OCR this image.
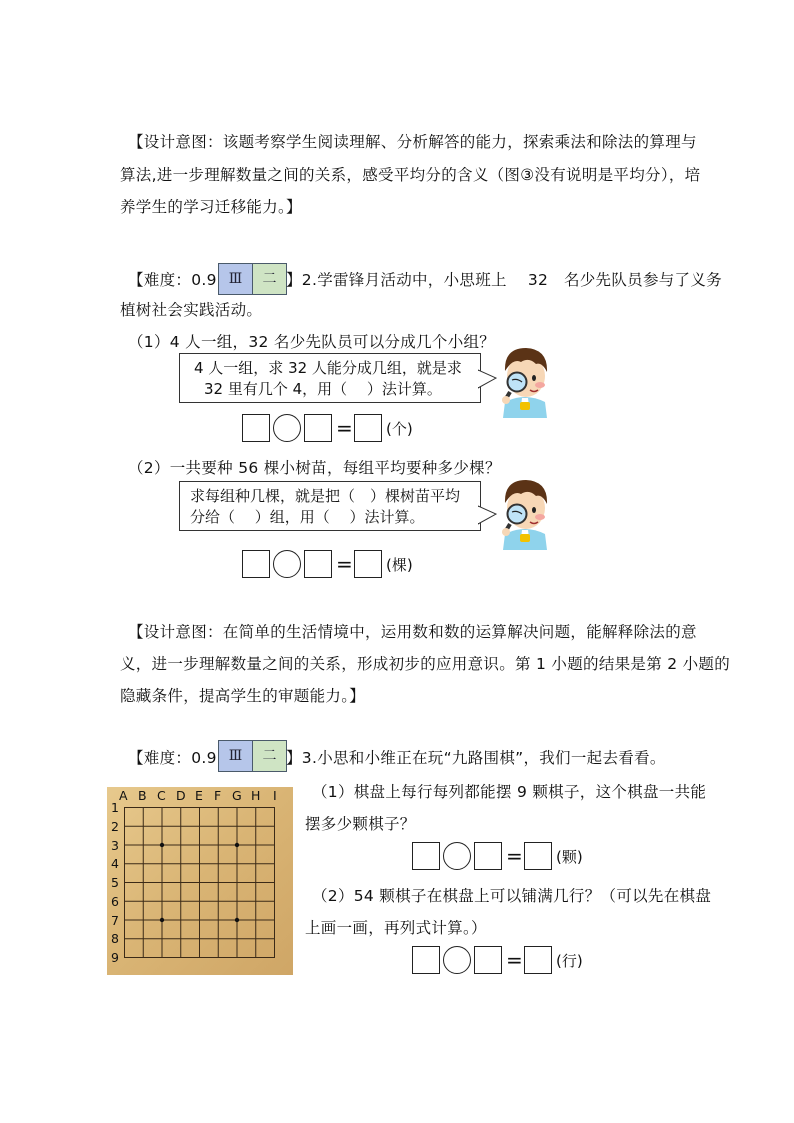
【设计意图：该题考察学生阅读理解、分析解答的能力，探索乘法和除法的算理与
算法,进一步理解数量之间的关系，感受平均分的含义（图③没有说明是平均分），培
养学生的学习迁移能力。】
【难度：0.9 Ⅲ	二 】2.学雷锋月活动中，小思班上　 32　名少先队员参与了义务
植树社会实践活动。
（1）4 人一组，32 名少先队员可以分成几个小组？
4 人一组，求 32 人能分成几组，就是求
32 里有几个 4，用（　 ）法计算。
= (个)
（2）一共要种 56 棵小树苗，每组平均要种多少棵？
求每组种几棵，就是把（　）棵树苗平均
分给（　 ）组，用（　 ）法计算。
= (棵)
【设计意图：在简单的生活情境中，运用数和数的运算解决问题，能解释除法的意
义，进一步理解数量之间的关系，形成初步的应用意识。第 1 小题的结果是第 2 小题的
隐藏条件，提高学生的审题能力。】
【难度：0.9 Ⅲ	二 】3.小思和小维正在玩“九路围棋”，我们一起去看看。
A B C D E F G H I
1
2
3
4
5
6
7
8
9
（1）棋盘上每行每列都能摆 9 颗棋子，这个棋盘一共能
摆多少颗棋子？
= (颗)
（2）54 颗棋子在棋盘上可以铺满几行？（可以先在棋盘
上画一画，再列式计算。）
= (行)
